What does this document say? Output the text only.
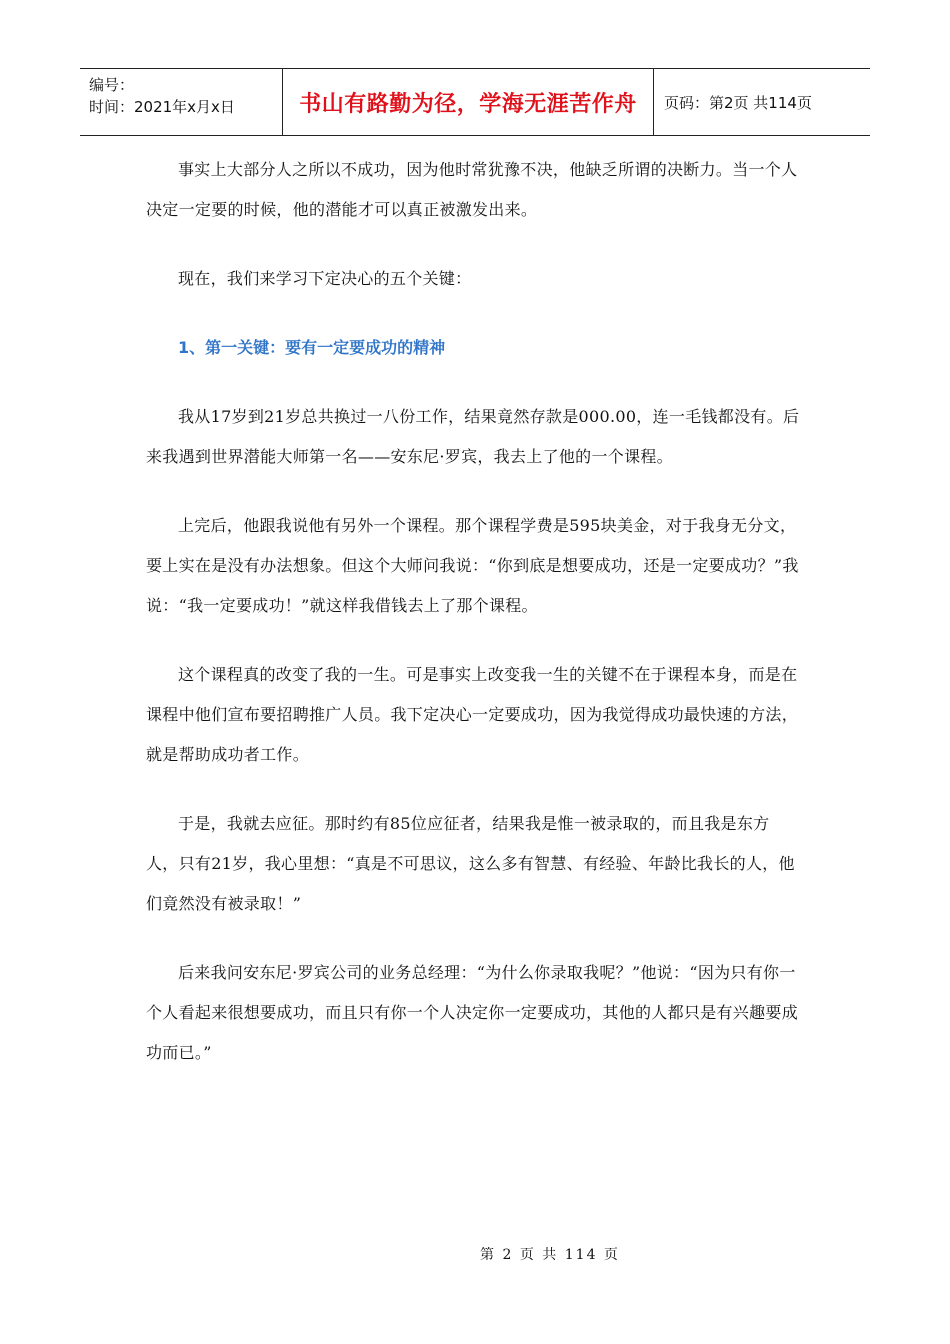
编号：
时间：2021年x月x日	书山有路勤为径，学海无涯苦作舟	页码：第2页 共114页

事实上大部分人之所以不成功，因为他时常犹豫不决，他缺乏所谓的决断力。当一个人决定一定要的时候，他的潜能才可以真正被激发出来。

现在，我们来学习下定决心的五个关键：

1、第一关键：要有一定要成功的精神

我从17岁到21岁总共换过一八份工作，结果竟然存款是000.00，连一毛钱都没有。后来我遇到世界潜能大师第一名——安东尼·罗宾，我去上了他的一个课程。

上完后，他跟我说他有另外一个课程。那个课程学费是595块美金，对于我身无分文，要上实在是没有办法想象。但这个大师问我说：“你到底是想要成功，还是一定要成功？”我说：“我一定要成功！”就这样我借钱去上了那个课程。

这个课程真的改变了我的一生。可是事实上改变我一生的关键不在于课程本身，而是在课程中他们宣布要招聘推广人员。我下定决心一定要成功，因为我觉得成功最快速的方法，就是帮助成功者工作。

于是，我就去应征。那时约有85位应征者，结果我是惟一被录取的，而且我是东方人，只有21岁，我心里想：“真是不可思议，这么多有智慧、有经验、年龄比我长的人，他们竟然没有被录取！”

后来我问安东尼·罗宾公司的业务总经理：“为什么你录取我呢？”他说：“因为只有你一个人看起来很想要成功，而且只有你一个人决定你一定要成功，其他的人都只是有兴趣要成功而已。”

第 2 页 共 114 页
